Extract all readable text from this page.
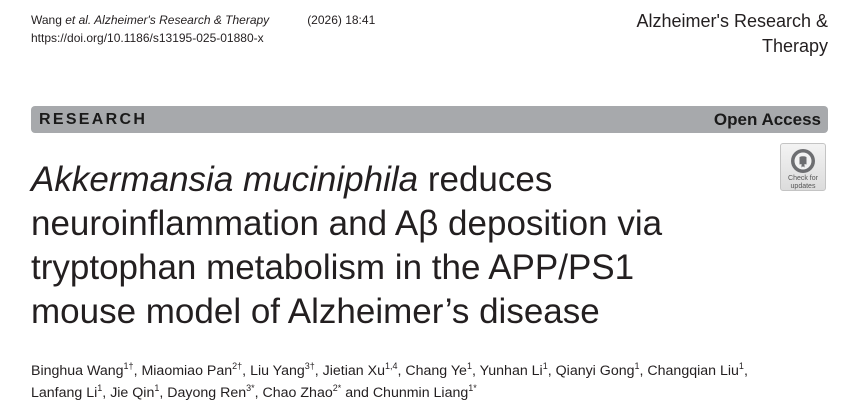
Wang et al. Alzheimer's Research & Therapy	(2026) 18:41
https://doi.org/10.1186/s13195-025-01880-x
Alzheimer's Research &
Therapy
RESEARCH	Open Access
Akkermansia muciniphila reduces
neuroinflammation and Aβ deposition via
tryptophan metabolism in the APP/PS1
mouse model of Alzheimer’s disease
Check for
updates
Binghua Wang$^{1\dagger}$, Miaomiao Pan$^{2\dagger}$, Liu Yang$^{3\dagger}$, Jietian Xu$^{1,4}$, Chang Ye$^1$, Yunhan Li$^1$, Qianyi Gong$^1$, Changqian Liu$^1$,
Lanfang Li$^1$, Jie Qin$^1$, Dayong Ren$^{3*}$, Chao Zhao$^{2*}$ and Chunmin Liang$^{1*}$
